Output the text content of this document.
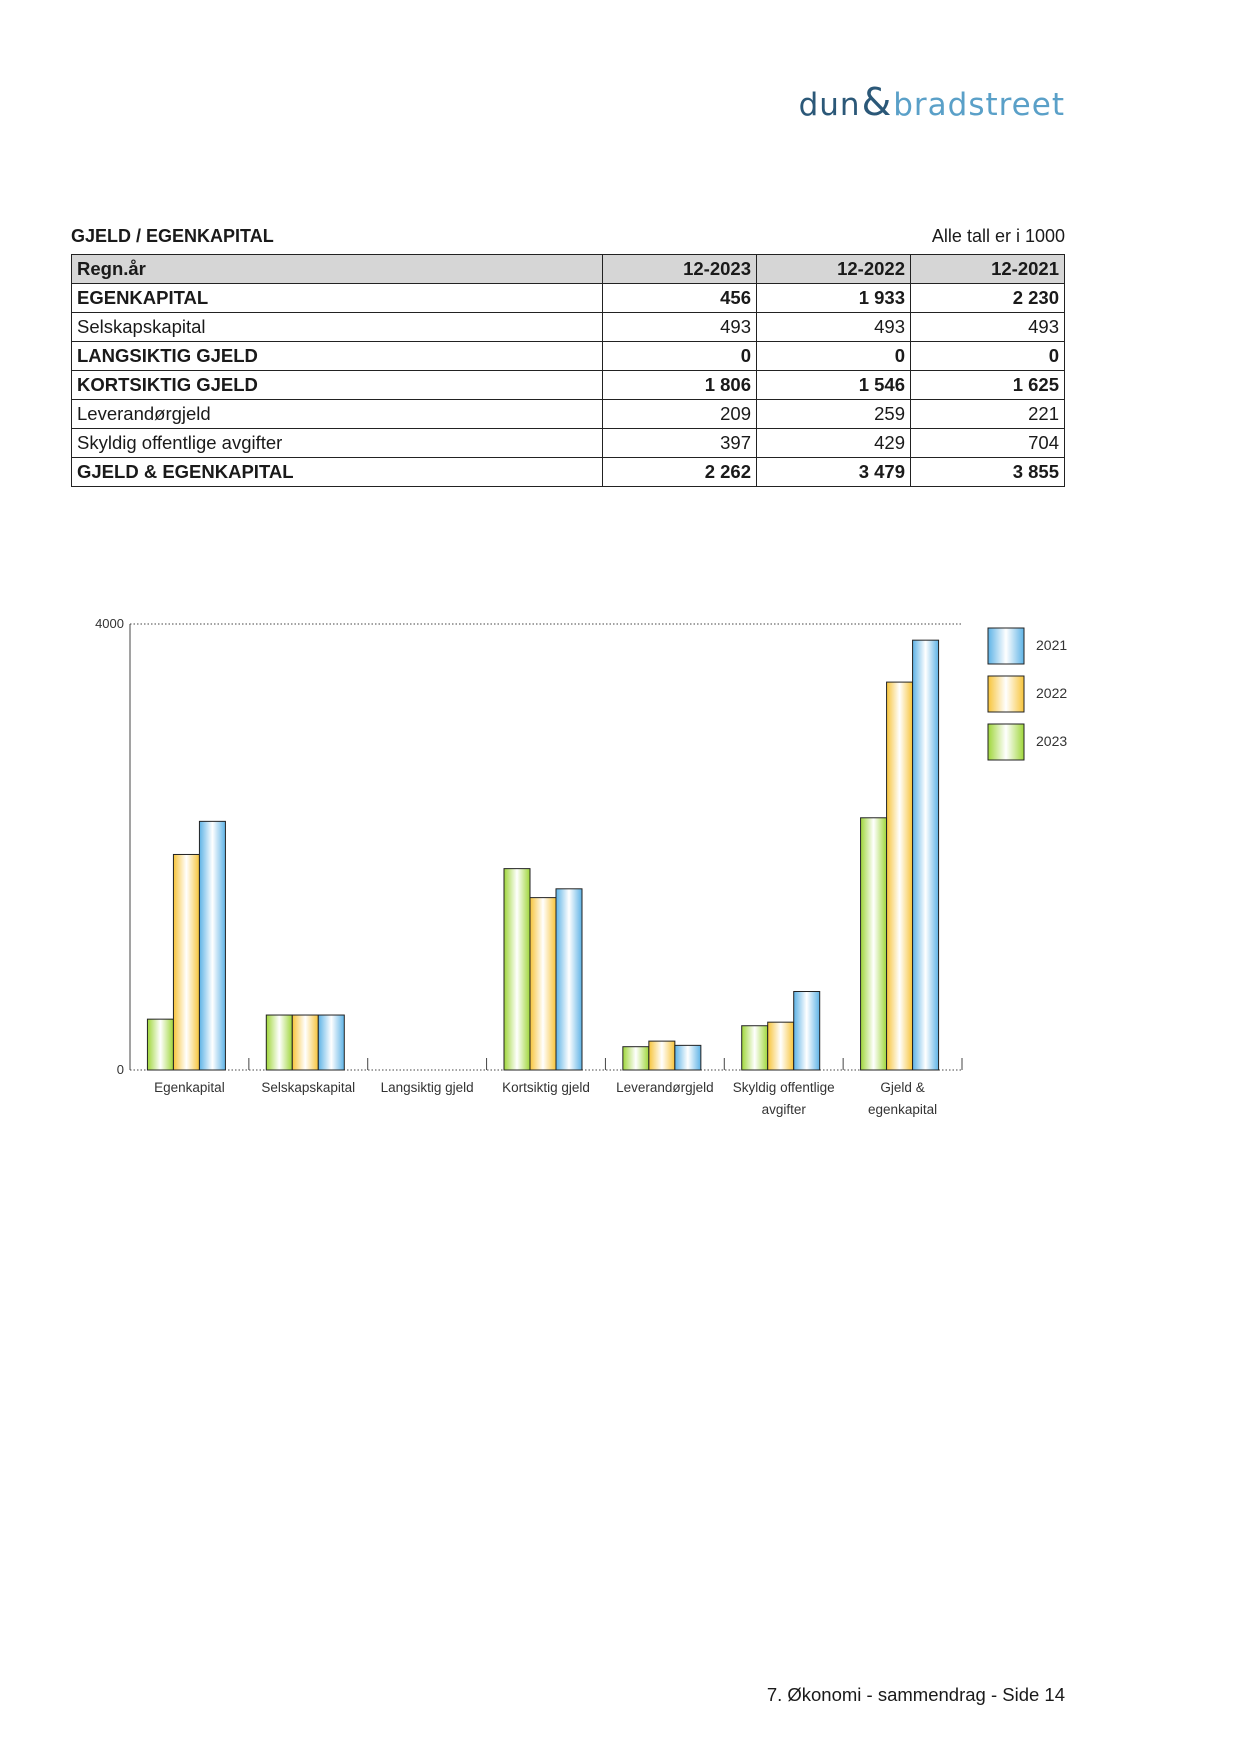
dun & bradstreet
GJELD / EGENKAPITAL	Alle tall er i 1000
Regn.år	12-2023	12-2022	12-2021
EGENKAPITAL	456	1 933	2 230
Selskapskapital	493	493	493
LANGSIKTIG GJELD	0	0	0
KORTSIKTIG GJELD	1 806	1 546	1 625
Leverandørgjeld	209	259	221
Skyldig offentlige avgifter	397	429	704
GJELD & EGENKAPITAL	2 262	3 479	3 855
4000
0
Egenkapital	Selskapskapital Langsiktig gjeld Kortsiktig gjeld Leverandørgjeld Skyldig offentlige
avgifter
Gjeld &
egenkapital
2021
2022
2023
7. Økonomi - sammendrag - Side 14
